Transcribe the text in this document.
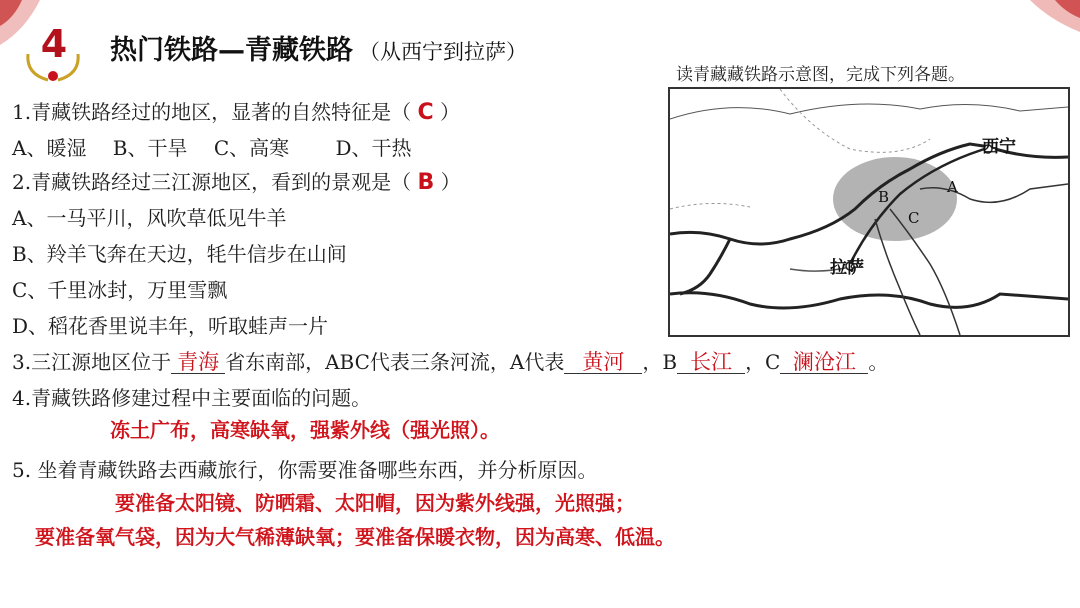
4 热门铁路—青藏铁路 （从西宁到拉萨）
读青藏藏铁路示意图，完成下列各题。
西宁
拉萨
A
B
C
1.青藏铁路经过的地区，显著的自然特征是（ C ）
A、暖湿　 B、干旱　 C、高寒　　 D、干热
2.青藏铁路经过三江源地区，看到的景观是（ B ）
A、一马平川，风吹草低见牛羊
B、羚羊飞奔在天边，牦牛信步在山间
C、千里冰封，万里雪飘
D、稻花香里说丰年，听取蛙声一片
3.三江源地区位于 青海 省东南部，ABC代表三条河流，A代表 黄河 ，B 长江 ，C 澜沧江 。
4.青藏铁路修建过程中主要面临的问题。
冻土广布，高寒缺氧，强紫外线（强光照）。
5. 坐着青藏铁路去西藏旅行，你需要准备哪些东西，并分析原因。
要准备太阳镜、防晒霜、太阳帽，因为紫外线强，光照强；
要准备氧气袋，因为大气稀薄缺氧；要准备保暖衣物，因为高寒、低温。
